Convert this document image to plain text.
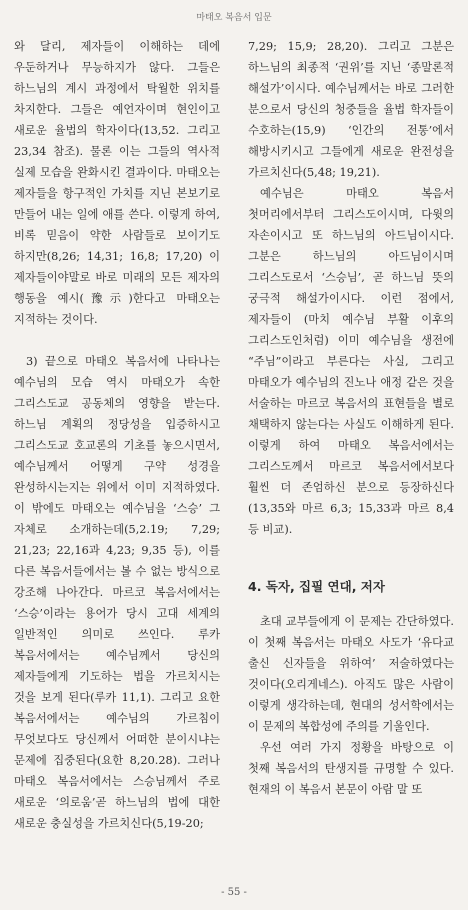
마태오 복음서 입문

와 달리, 제자들이 이해하는 데에 우둔하거나 무능하지가 않다. 그들은 하느님의 계시 과정에서 탁월한 위치를 차지한다. 그들은 예언자이며 현인이고 새로운 율법의 학자이다(13,52. 그리고 23,34 참조). 물론 이는 그들의 역사적 실제 모습을 완화시킨 결과이다. 마태오는 제자들을 항구적인 가치를 지닌 본보기로 만들어 내는 일에 애를 쓴다. 이렇게 하여, 비록 믿음이 약한 사람들로 보이기도 하지만(8,26; 14,31; 16,8; 17,20) 이 제자들이야말로 바로 미래의 모든 제자의 행동을 예시(豫示)한다고 마태오는 지적하는 것이다.

3) 끝으로 마태오 복음서에 나타나는 예수님의 모습 역시 마태오가 속한 그리스도교 공동체의 영향을 받는다. 하느님 계획의 정당성을 입증하시고 그리스도교 호교론의 기초를 놓으시면서, 예수님께서 어떻게 구약 성경을 완성하시는지는 위에서 이미 지적하였다. 이 밖에도 마태오는 예수님을 ‘스승’ 그 자체로 소개하는데(5,2.19; 7,29; 21,23; 22,16과 4,23; 9,35 등), 이를 다른 복음서들에서는 볼 수 없는 방식으로 강조해 나아간다. 마르코 복음서에서는 ‘스승’이라는 용어가 당시 고대 세계의 일반적인 의미로 쓰인다. 루카 복음서에서는 예수님께서 당신의 제자들에게 기도하는 법을 가르치시는 것을 보게 된다(루카 11,1). 그리고 요한 복음서에서는 예수님의 가르침이 무엇보다도 당신께서 어떠한 분이시냐는 문제에 집중된다(요한 8,20.28). 그러나 마태오 복음서에서는 스승님께서 주로 새로운 ‘의로움’곧 하느님의 법에 대한 새로운 충실성을 가르치신다(5,19-20;

7,29; 15,9; 28,20). 그리고 그분은 하느님의 최종적 ‘권위’를 지닌 ‘종말론적 해설가’이시다. 예수님께서는 바로 그러한 분으로서 당신의 청중들을 율법 학자들이 수호하는(15,9) ‘인간의 전통’에서 해방시키시고 그들에게 새로운 완전성을 가르치신다(5,48; 19,21).

예수님은 마태오 복음서 첫머리에서부터 그리스도이시며, 다윗의 자손이시고 또 하느님의 아드님이시다. 그분은 하느님의 아드님이시며 그리스도로서 ‘스승님’, 곧 하느님 뜻의 궁극적 해설가이시다. 이런 점에서, 제자들이 (마치 예수님 부활 이후의 그리스도인처럼) 이미 예수님을 생전에 “주님”이라고 부른다는 사실, 그리고 마태오가 예수님의 진노나 애정 같은 것을 서술하는 마르코 복음서의 표현들을 별로 채택하지 않는다는 사실도 이해하게 된다. 이렇게 하여 마태오 복음서에서는 그리스도께서 마르코 복음서에서보다 훨씬 더 존엄하신 분으로 등장하신다(13,35와 마르 6,3; 15,33과 마르 8,4 등 비교).

4. 독자, 집필 연대, 저자

초대 교부들에게 이 문제는 간단하였다. 이 첫째 복음서는 마태오 사도가 ‘유다교 출신 신자들을 위하여’ 저술하였다는 것이다(오리게네스). 아직도 많은 사람이 이렇게 생각하는데, 현대의 성서학에서는 이 문제의 복합성에 주의를 기울인다.

우선 여러 가지 정황을 바탕으로 이 첫째 복음서의 탄생지를 규명할 수 있다. 현재의 이 복음서 본문이 아람 말 또

- 55 -
